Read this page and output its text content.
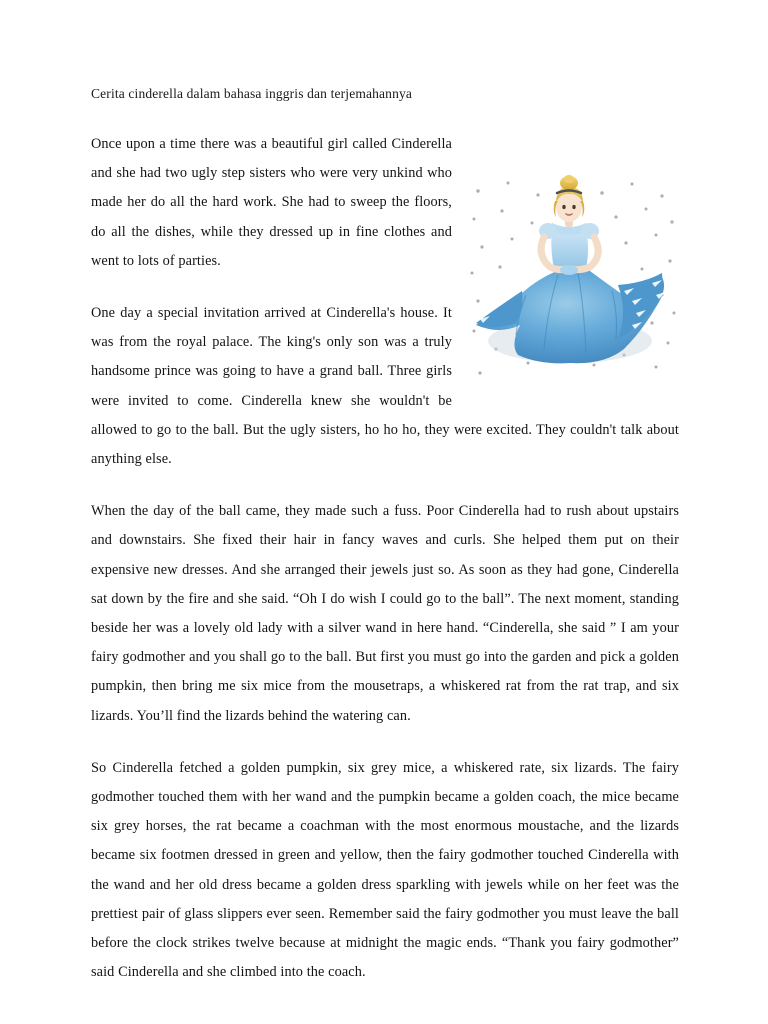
Cerita cinderella dalam bahasa inggris dan terjemahannya

Once upon a time there was a beautiful girl called Cinderella and she had two ugly step sisters who were very unkind who made her do all the hard work. She had to sweep the floors, do all the dishes, while they dressed up in fine clothes and went to lots of parties.

One day a special invitation arrived at Cinderella's house. It was from the royal palace. The king's only son was a truly handsome prince was going to have a grand ball. Three girls were invited to come. Cinderella knew she wouldn't be allowed to go to the ball. But the ugly sisters, ho ho ho, they were excited. They couldn't talk about anything else.

When the day of the ball came, they made such a fuss. Poor Cinderella had to rush about upstairs and downstairs. She fixed their hair in fancy waves and curls. She helped them put on their expensive new dresses. And she arranged their jewels just so. As soon as they had gone, Cinderella sat down by the fire and she said. “Oh I do wish I could go to the ball”. The next moment, standing beside her was a lovely old lady with a silver wand in here hand. “Cinderella, she said ” I am your fairy godmother and you shall go to the ball. But first you must go into the garden and pick a golden pumpkin, then bring me six mice from the mousetraps, a whiskered rat from the rat trap, and six lizards. You’ll find the lizards behind the watering can.

So Cinderella fetched a golden pumpkin, six grey mice, a whiskered rate, six lizards. The fairy godmother touched them with her wand and the pumpkin became a golden coach, the mice became six grey horses, the rat became a coachman with the most enormous moustache, and the lizards became six footmen dressed in green and yellow, then the fairy godmother touched Cinderella with the wand and her old dress became a golden dress sparkling with jewels while on her feet was the prettiest pair of glass slippers ever seen. Remember said the fairy godmother you must leave the ball before the clock strikes twelve because at midnight the magic ends. “Thank you fairy godmother” said Cinderella and she climbed into the coach.
